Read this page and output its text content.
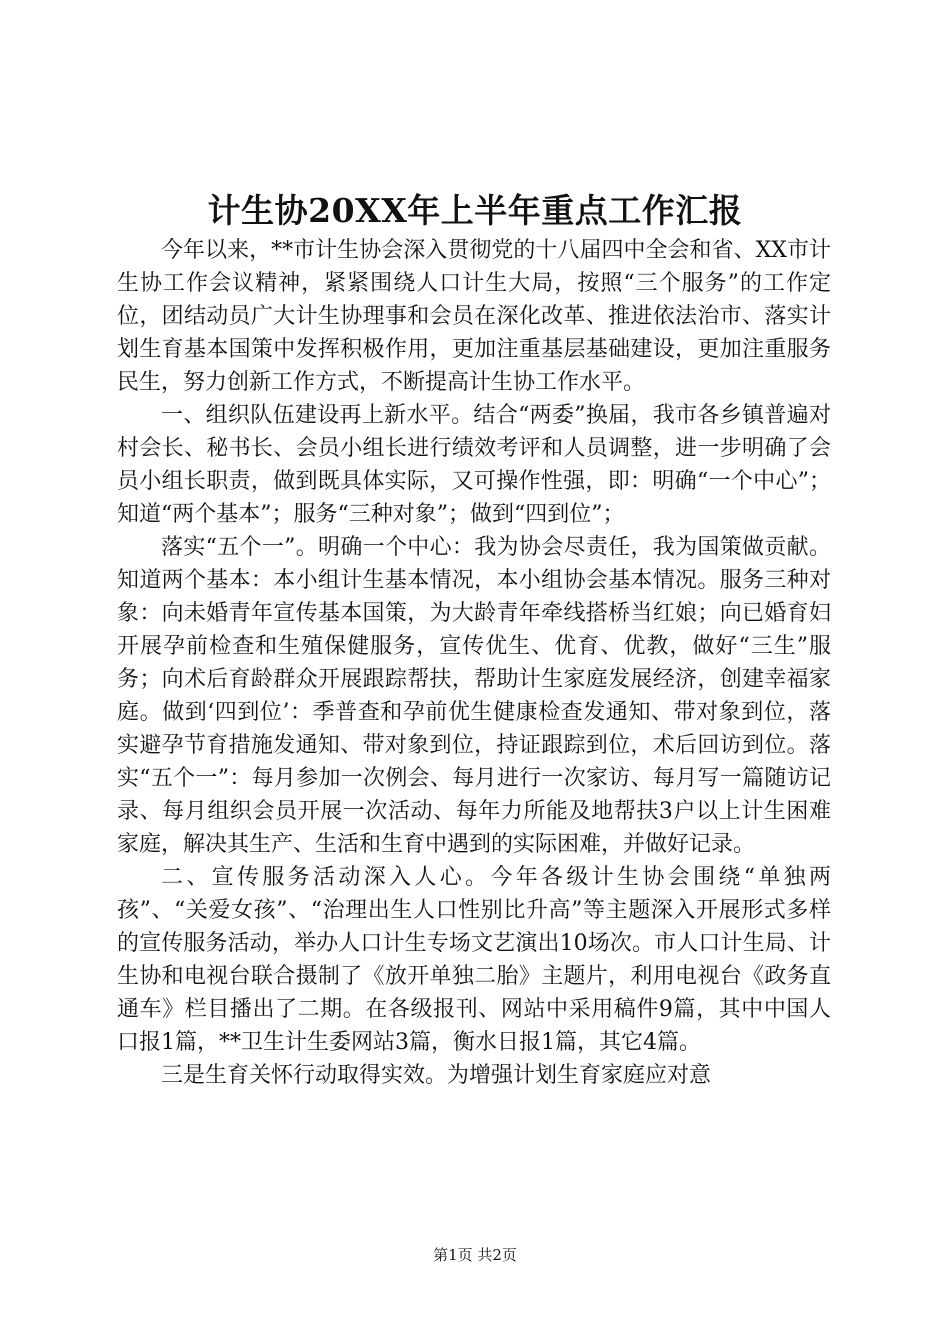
计生协20XX年上半年重点工作汇报

今年以来，**市计生协会深入贯彻党的十八届四中全会和省、XX市计生协工作会议精神，紧紧围绕人口计生大局，按照“三个服务”的工作定位，团结动员广大计生协理事和会员在深化改革、推进依法治市、落实计划生育基本国策中发挥积极作用，更加注重基层基础建设，更加注重服务民生，努力创新工作方式，不断提高计生协工作水平。

一、组织队伍建设再上新水平。结合“两委”换届，我市各乡镇普遍对村会长、秘书长、会员小组长进行绩效考评和人员调整，进一步明确了会员小组长职责，做到既具体实际，又可操作性强，即：明确“一个中心”；知道“两个基本”；服务“三种对象”；做到“四到位”；

落实“五个一”。明确一个中心：我为协会尽责任，我为国策做贡献。知道两个基本：本小组计生基本情况，本小组协会基本情况。服务三种对象：向未婚青年宣传基本国策，为大龄青年牵线搭桥当红娘；向已婚育妇开展孕前检查和生殖保健服务，宣传优生、优育、优教，做好“三生”服务；向术后育龄群众开展跟踪帮扶，帮助计生家庭发展经济，创建幸福家庭。做到‘四到位’：季普查和孕前优生健康检查发通知、带对象到位，落实避孕节育措施发通知、带对象到位，持证跟踪到位，术后回访到位。落实“五个一”：每月参加一次例会、每月进行一次家访、每月写一篇随访记录、每月组织会员开展一次活动、每年力所能及地帮扶3户以上计生困难家庭，解决其生产、生活和生育中遇到的实际困难，并做好记录。

二、宣传服务活动深入人心。今年各级计生协会围绕“单独两孩”、“关爱女孩”、“治理出生人口性别比升高”等主题深入开展形式多样的宣传服务活动，举办人口计生专场文艺演出10场次。市人口计生局、计生协和电视台联合摄制了《放开单独二胎》主题片，利用电视台《政务直通车》栏目播出了二期。在各级报刊、网站中采用稿件9篇，其中中国人口报1篇，**卫生计生委网站3篇，衡水日报1篇，其它4篇。

三是生育关怀行动取得实效。为增强计划生育家庭应对意

第1页 共2页
